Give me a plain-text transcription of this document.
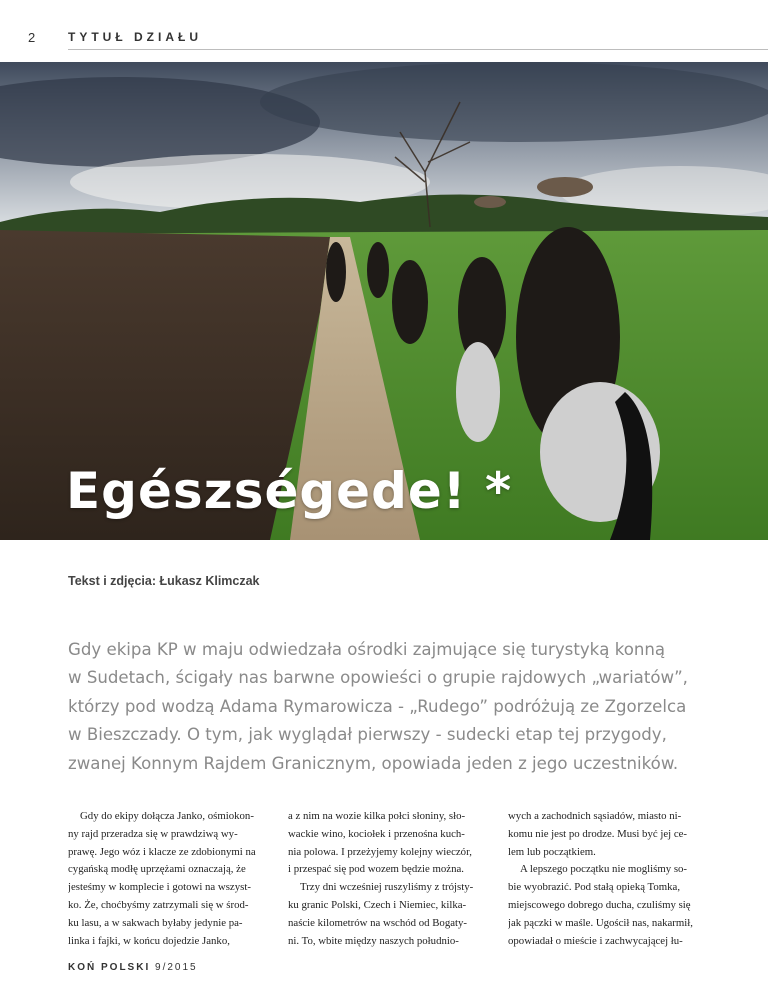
2	TYTUŁ DZIAŁU
Egészségede! *
Tekst i zdjęcia: Łukasz Klimczak
Gdy ekipa KP w maju odwiedzała ośrodki zajmujące się turystyką konną
w Sudetach, ścigały nas barwne opowieści o grupie rajdowych „wariatów”,
którzy pod wodzą Adama Rymarowicza - „Rudego” podróżują ze Zgorzelca
w Bieszczady. O tym, jak wyglądał pierwszy - sudecki etap tej przygody,
zwanej Konnym Rajdem Granicznym, opowiada jeden z jego uczestników.
Gdy do ekipy dołącza Janko, ośmiokon-
ny rajd przeradza się w prawdziwą wy-
prawę. Jego wóz i klacze ze zdobionymi na
cygańską modłę uprzężami oznaczają, że
jesteśmy w komplecie i gotowi na wszyst-
ko. Że, choćbyśmy zatrzymali się w środ-
ku lasu, a w sakwach byłaby jedynie pa-
linka i fajki, w końcu dojedzie Janko,
a z nim na wozie kilka połci słoniny, sło-
wackie wino, kociołek i przenośna kuch-
nia polowa. I przeżyjemy kolejny wieczór,
i przespać się pod wozem będzie można.
Trzy dni wcześniej ruszyliśmy z trójsty-
ku granic Polski, Czech i Niemiec, kilka-
naście kilometrów na wschód od Bogaty-
ni. To, wbite między naszych południo-
wych a zachodnich sąsiadów, miasto ni-
komu nie jest po drodze. Musi być jej ce-
lem lub początkiem.
A lepszego początku nie mogliśmy so-
bie wyobrazić. Pod stałą opieką Tomka,
miejscowego dobrego ducha, czuliśmy się
jak pączki w maśle. Ugościł nas, nakarmił,
opowiadał o mieście i zachwycającej łu-
KOŃ POLSKI 9/2015
